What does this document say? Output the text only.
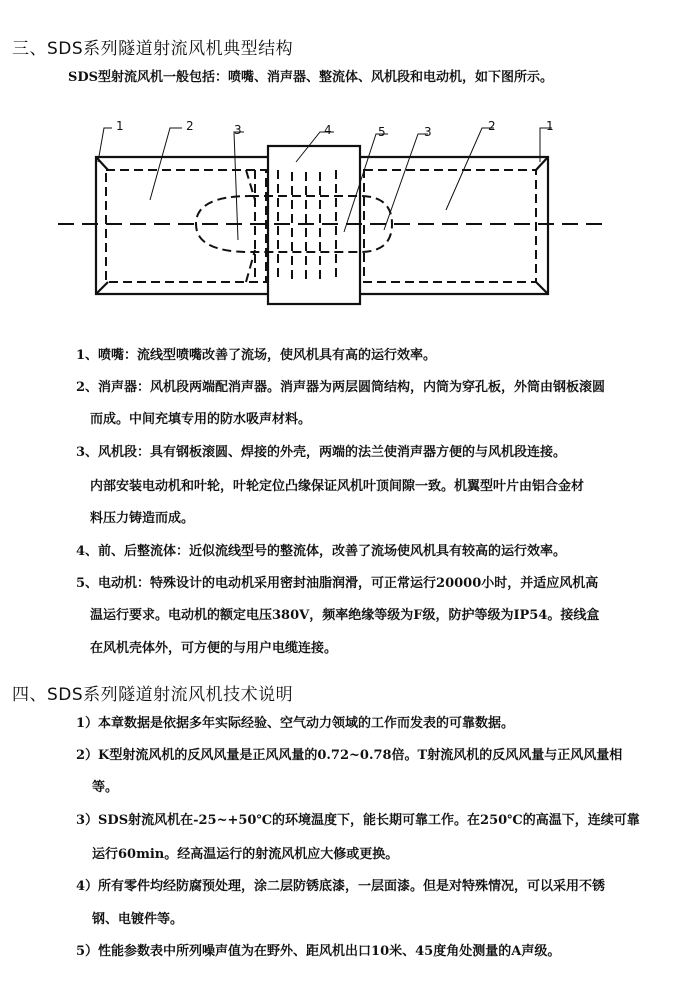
三、SDS系列隧道射流风机典型结构
SDS型射流风机一般包括：喷嘴、消声器、整流体、风机段和电动机，如下图所示。
1	2	3	4	5	3	2	1
1、喷嘴：流线型喷嘴改善了流场，使风机具有高的运行效率。
2、消声器：风机段两端配消声器。消声器为两层圆筒结构，内筒为穿孔板，外筒由钢板滚圆
而成。中间充填专用的防水吸声材料。
3、风机段：具有钢板滚圆、焊接的外壳，两端的法兰使消声器方便的与风机段连接。
内部安装电动机和叶轮，叶轮定位凸缘保证风机叶顶间隙一致。机翼型叶片由铝合金材
料压力铸造而成。
4、前、后整流体：近似流线型号的整流体，改善了流场使风机具有较高的运行效率。
5、电动机：特殊设计的电动机采用密封油脂润滑，可正常运行20000小时，并适应风机高
温运行要求。电动机的额定电压380V，频率绝缘等级为F级，防护等级为IP54。接线盒
在风机壳体外，可方便的与用户电缆连接。
四、SDS系列隧道射流风机技术说明
1）本章数据是依据多年实际经验、空气动力领域的工作而发表的可靠数据。
2）K型射流风机的反风风量是正风风量的0.72~0.78倍。T射流风机的反风风量与正风风量相
等。
3）SDS射流风机在-25~+50℃的环境温度下，能长期可靠工作。在250℃的高温下，连续可靠
运行60min。经高温运行的射流风机应大修或更换。
4）所有零件均经防腐预处理，涂二层防锈底漆，一层面漆。但是对特殊情况，可以采用不锈
钢、电镀件等。
5）性能参数表中所列噪声值为在野外、距风机出口10米、45度角处测量的A声级。
